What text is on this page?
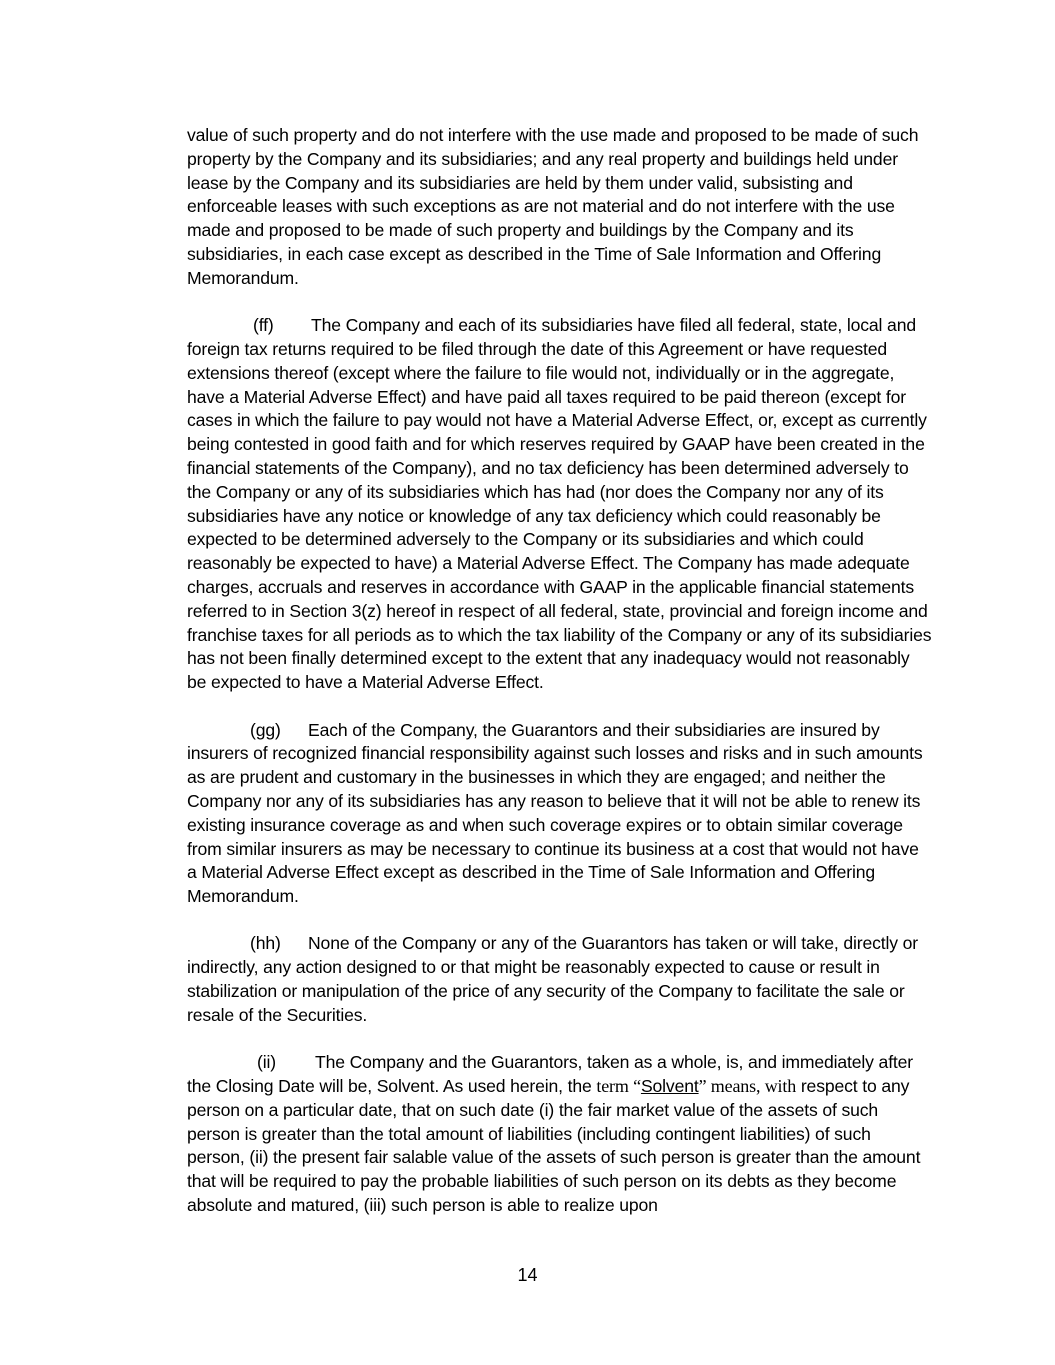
value of such property and do not interfere with the use made and proposed to be made of such property by the Company and its subsidiaries; and any real property and buildings held under lease by the Company and its subsidiaries are held by them under valid, subsisting and enforceable leases with such exceptions as are not material and do not interfere with the use made and proposed to be made of such property and buildings by the Company and its subsidiaries, in each case except as described in the Time of Sale Information and Offering Memorandum.

(ff) The Company and each of its subsidiaries have filed all federal, state, local and foreign tax returns required to be filed through the date of this Agreement or have requested extensions thereof (except where the failure to file would not, individually or in the aggregate, have a Material Adverse Effect) and have paid all taxes required to be paid thereon (except for cases in which the failure to pay would not have a Material Adverse Effect, or, except as currently being contested in good faith and for which reserves required by GAAP have been created in the financial statements of the Company), and no tax deficiency has been determined adversely to the Company or any of its subsidiaries which has had (nor does the Company nor any of its subsidiaries have any notice or knowledge of any tax deficiency which could reasonably be expected to be determined adversely to the Company or its subsidiaries and which could reasonably be expected to have) a Material Adverse Effect. The Company has made adequate charges, accruals and reserves in accordance with GAAP in the applicable financial statements referred to in Section 3(z) hereof in respect of all federal, state, provincial and foreign income and franchise taxes for all periods as to which the tax liability of the Company or any of its subsidiaries has not been finally determined except to the extent that any inadequacy would not reasonably be expected to have a Material Adverse Effect.

(gg) Each of the Company, the Guarantors and their subsidiaries are insured by insurers of recognized financial responsibility against such losses and risks and in such amounts as are prudent and customary in the businesses in which they are engaged; and neither the Company nor any of its subsidiaries has any reason to believe that it will not be able to renew its existing insurance coverage as and when such coverage expires or to obtain similar coverage from similar insurers as may be necessary to continue its business at a cost that would not have a Material Adverse Effect except as described in the Time of Sale Information and Offering Memorandum.

(hh) None of the Company or any of the Guarantors has taken or will take, directly or indirectly, any action designed to or that might be reasonably expected to cause or result in stabilization or manipulation of the price of any security of the Company to facilitate the sale or resale of the Securities.

(ii) The Company and the Guarantors, taken as a whole, is, and immediately after the Closing Date will be, Solvent. As used herein, the term “Solvent” means, with respect to any person on a particular date, that on such date (i) the fair market value of the assets of such person is greater than the total amount of liabilities (including contingent liabilities) of such person, (ii) the present fair salable value of the assets of such person is greater than the amount that will be required to pay the probable liabilities of such person on its debts as they become absolute and matured, (iii) such person is able to realize upon

14
